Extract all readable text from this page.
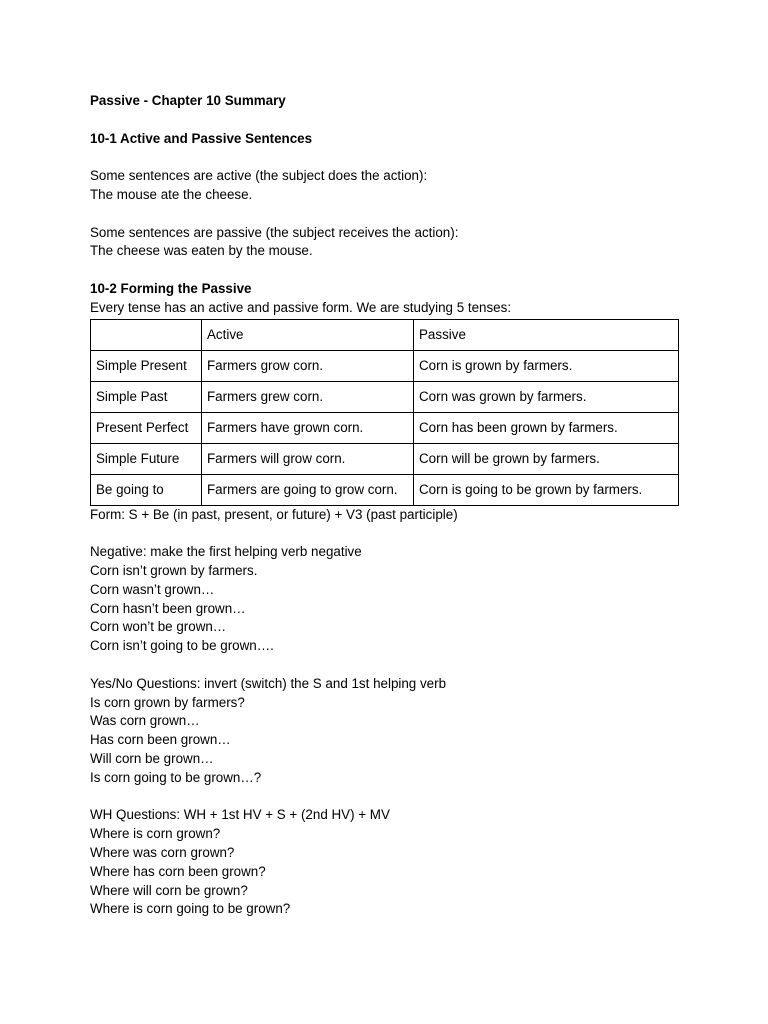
Passive - Chapter 10 Summary
10-1 Active and Passive Sentences
Some sentences are active (the subject does the action):
The mouse ate the cheese.
Some sentences are passive (the subject receives the action):
The cheese was eaten by the mouse.
10-2 Forming the Passive
Every tense has an active and passive form. We are studying 5 tenses:
	Active	Passive
Simple Present	Farmers grow corn.	Corn is grown by farmers.
Simple Past	Farmers grew corn.	Corn was grown by farmers.
Present Perfect	Farmers have grown corn.	Corn has been grown by farmers.
Simple Future	Farmers will grow corn.	Corn will be grown by farmers.
Be going to	Farmers are going to grow corn.	Corn is going to be grown by farmers.
Form: S + Be (in past, present, or future) + V3 (past participle)
Negative: make the first helping verb negative
Corn isn’t grown by farmers.
Corn wasn’t grown…
Corn hasn’t been grown…
Corn won’t be grown…
Corn isn’t going to be grown….
Yes/No Questions: invert (switch) the S and 1st helping verb
Is corn grown by farmers?
Was corn grown…
Has corn been grown…
Will corn be grown…
Is corn going to be grown…?
WH Questions: WH + 1st HV + S + (2nd HV) + MV
Where is corn grown?
Where was corn grown?
Where has corn been grown?
Where will corn be grown?
Where is corn going to be grown?
